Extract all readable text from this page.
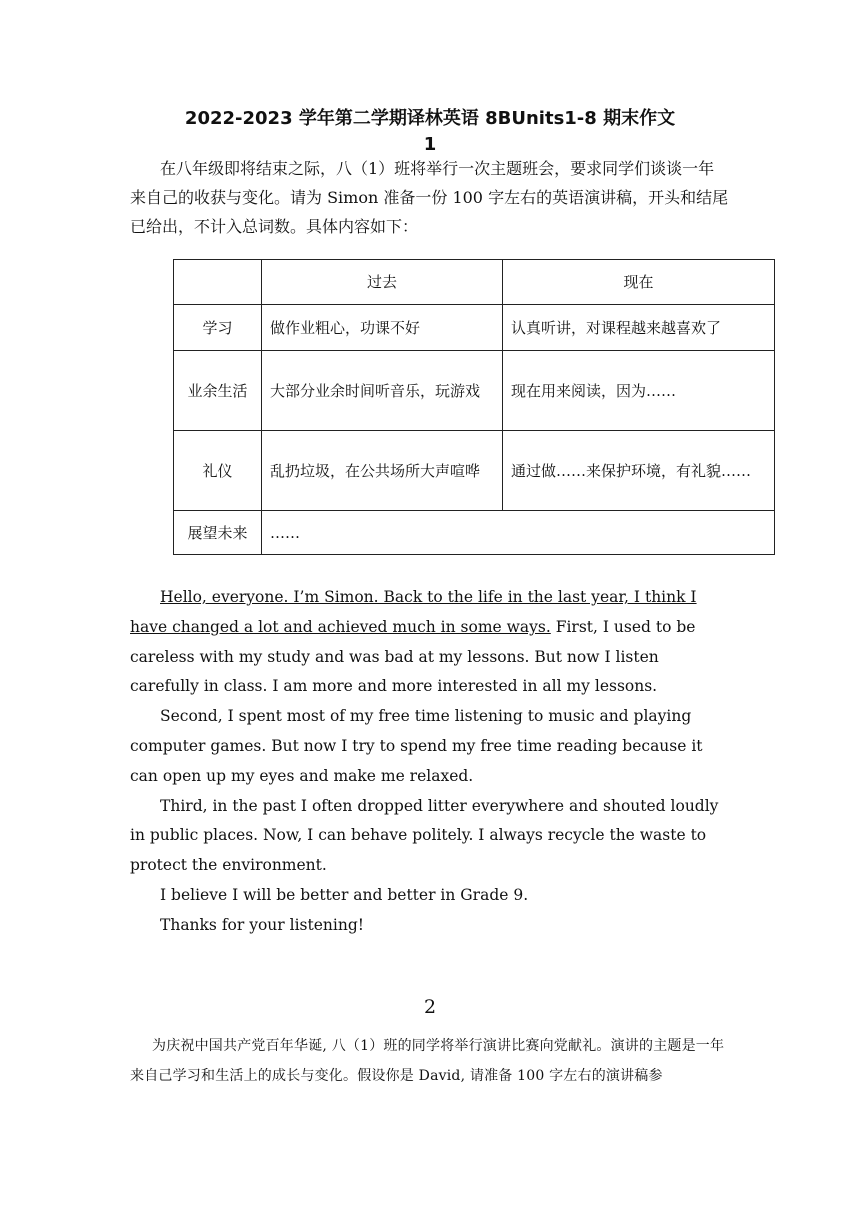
2022-2023 学年第二学期译林英语 8BUnits1-8 期末作文
1

在八年级即将结束之际，八（1）班将举行一次主题班会，要求同学们谈谈一年来自己的收获与变化。请为 Simon 准备一份 100 字左右的英语演讲稿，开头和结尾已给出，不计入总词数。具体内容如下：

	过去	现在
学习	做作业粗心，功课不好	认真听讲，对课程越来越喜欢了
业余生活	大部分业余时间听音乐，玩游戏	现在用来阅读，因为……
礼仪	乱扔垃圾，在公共场所大声喧哗	通过做……来保护环境，有礼貌……
展望未来	……	

Hello, everyone. I’m Simon. Back to the life in the last year, I think I have changed a lot and achieved much in some ways. First, I used to be careless with my study and was bad at my lessons. But now I listen carefully in class. I am more and more interested in all my lessons.

Second, I spent most of my free time listening to music and playing computer games. But now I try to spend my free time reading because it can open up my eyes and make me relaxed.

Third, in the past I often dropped litter everywhere and shouted loudly in public places. Now, I can behave politely. I always recycle the waste to protect the environment.

I believe I will be better and better in Grade 9.

Thanks for your listening!

2

为庆祝中国共产党百年华诞, 八（1）班的同学将举行演讲比赛向党献礼。演讲的主题是一年来自己学习和生活上的成长与变化。假设你是 David, 请准备 100 字左右的演讲稿参
